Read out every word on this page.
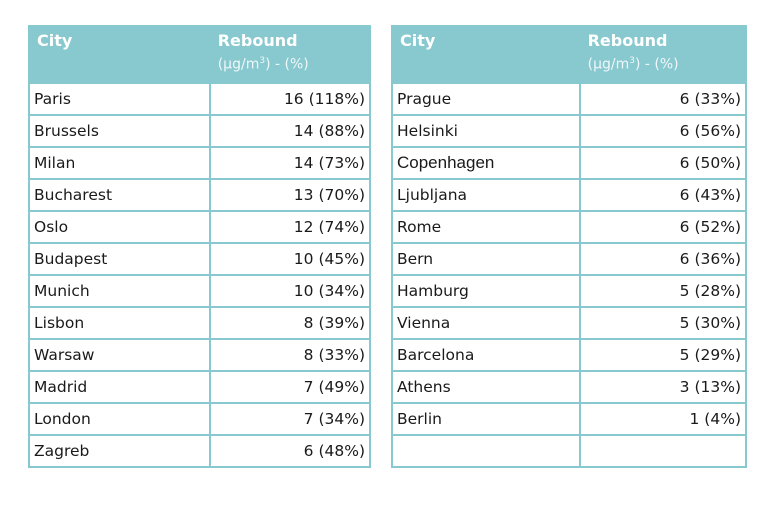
City	Rebound
$(\mu g/m^3)$ - (%)

Paris	16 (118%)
Brussels	14 (88%)
Milan	14 (73%)
Bucharest	13 (70%)
Oslo	12 (74%)
Budapest	10 (45%)
Munich	10 (34%)
Lisbon	8 (39%)
Warsaw	8 (33%)
Madrid	7 (49%)
London	7 (34%)
Zagreb	6 (48%)
City	Rebound
$(\mu g/m^3)$ - (%)

Prague	6 (33%)
Helsinki	6 (56%)
Copenhagen	6 (50%)
Ljubljana	6 (43%)
Rome	6 (52%)
Bern	6 (36%)
Hamburg	5 (28%)
Vienna	5 (30%)
Barcelona	5 (29%)
Athens	3 (13%)
Berlin	1 (4%)
